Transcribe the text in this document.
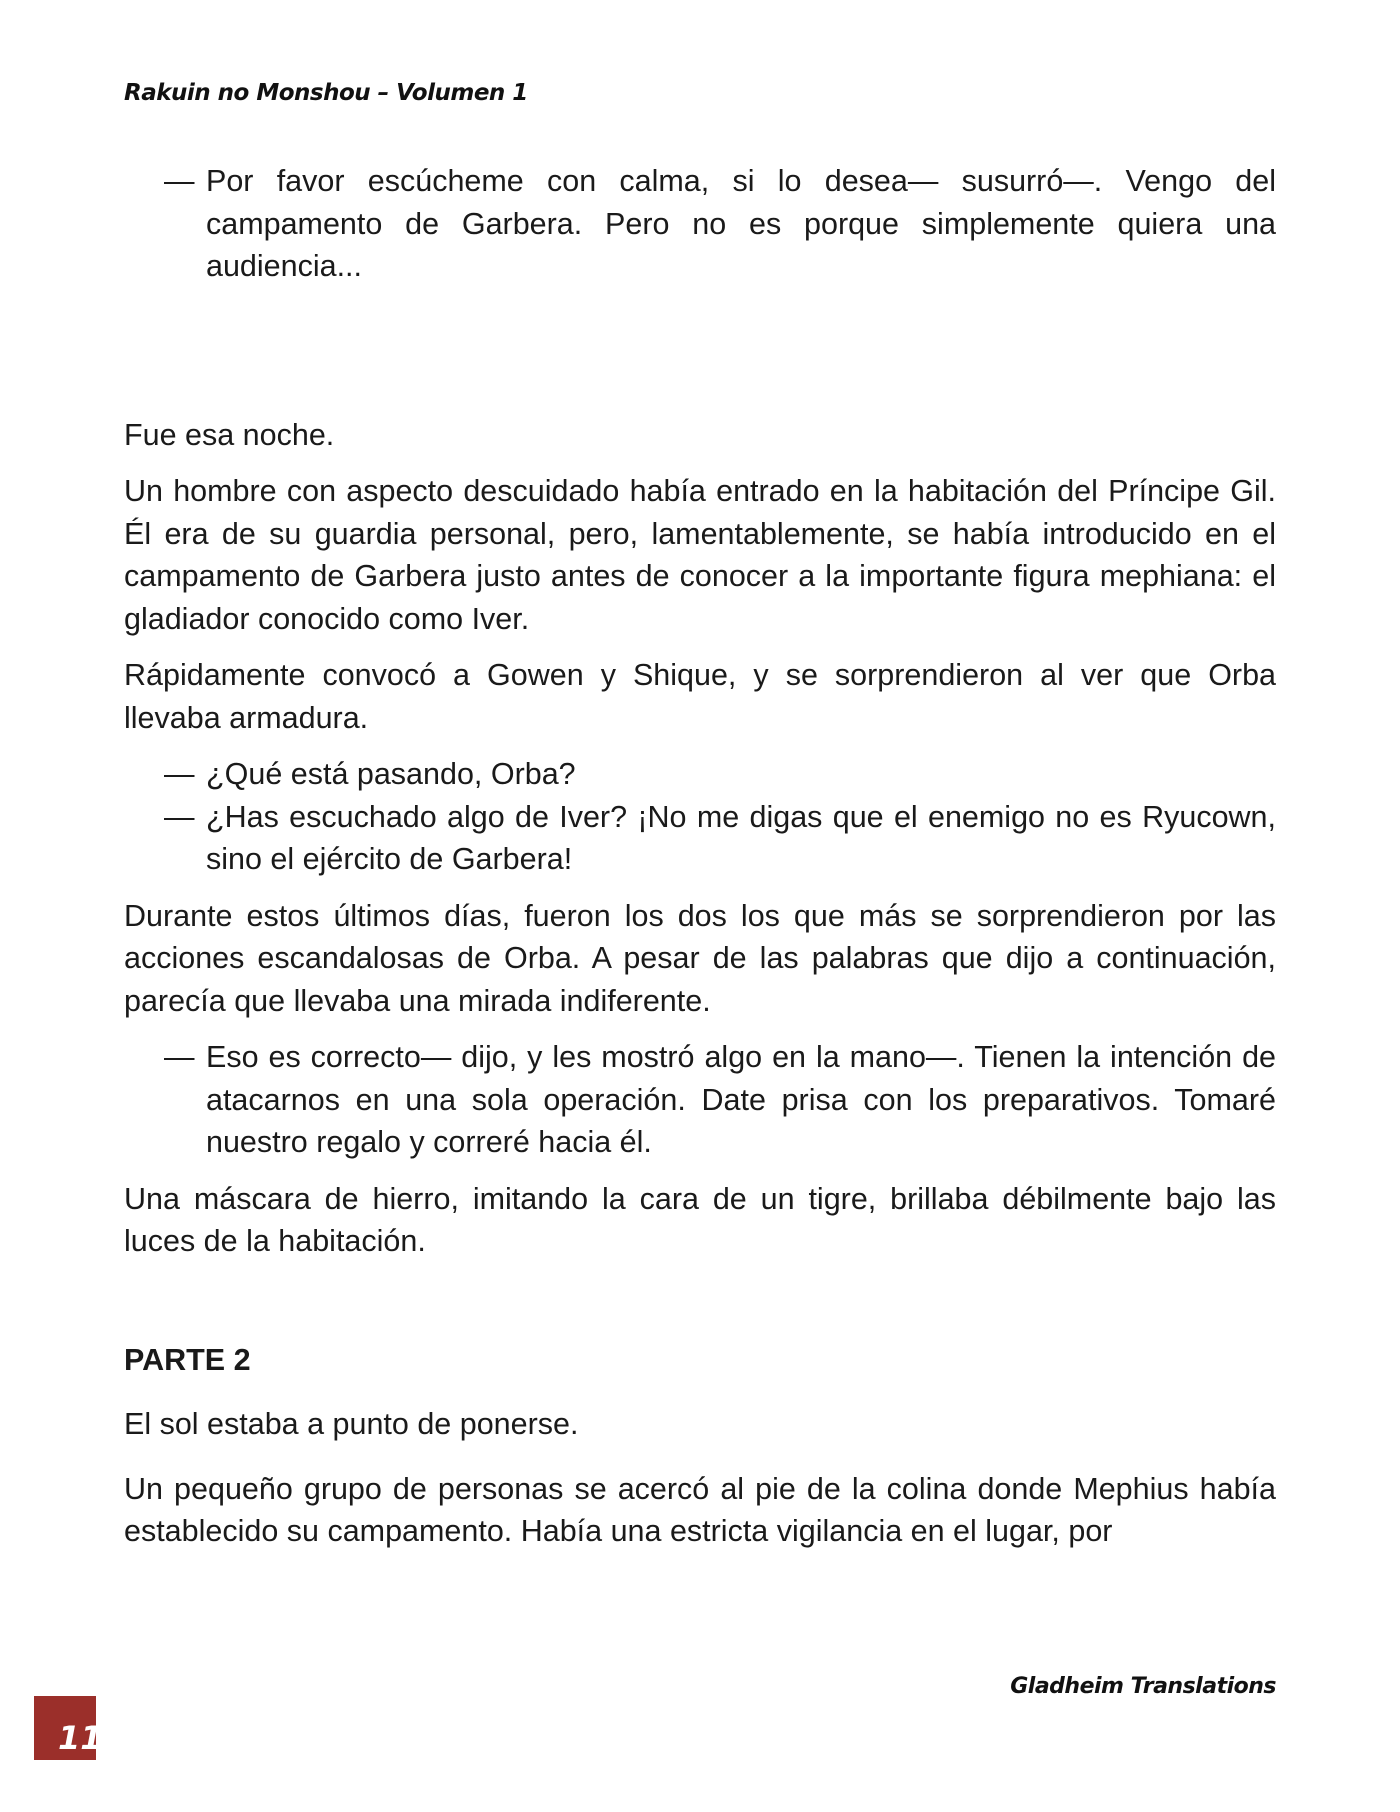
Rakuin no Monshou – Volumen 1

— Por favor escúcheme con calma, si lo desea— susurró—. Vengo del campamento de Garbera. Pero no es porque simplemente quiera una audiencia...

Fue esa noche.

Un hombre con aspecto descuidado había entrado en la habitación del Príncipe Gil. Él era de su guardia personal, pero, lamentablemente, se había introducido en el campamento de Garbera justo antes de conocer a la importante figura mephiana: el gladiador conocido como Iver.

Rápidamente convocó a Gowen y Shique, y se sorprendieron al ver que Orba llevaba armadura.

— ¿Qué está pasando, Orba?

— ¿Has escuchado algo de Iver? ¡No me digas que el enemigo no es Ryucown, sino el ejército de Garbera!

Durante estos últimos días, fueron los dos los que más se sorprendieron por las acciones escandalosas de Orba. A pesar de las palabras que dijo a continuación, parecía que llevaba una mirada indiferente.

— Eso es correcto— dijo, y les mostró algo en la mano—. Tienen la intención de atacarnos en una sola operación. Date prisa con los preparativos. Tomaré nuestro regalo y correré hacia él.

Una máscara de hierro, imitando la cara de un tigre, brillaba débilmente bajo las luces de la habitación.

PARTE 2

El sol estaba a punto de ponerse.

Un pequeño grupo de personas se acercó al pie de la colina donde Mephius había establecido su campamento. Había una estricta vigilancia en el lugar, por

Gladheim Translations
11
